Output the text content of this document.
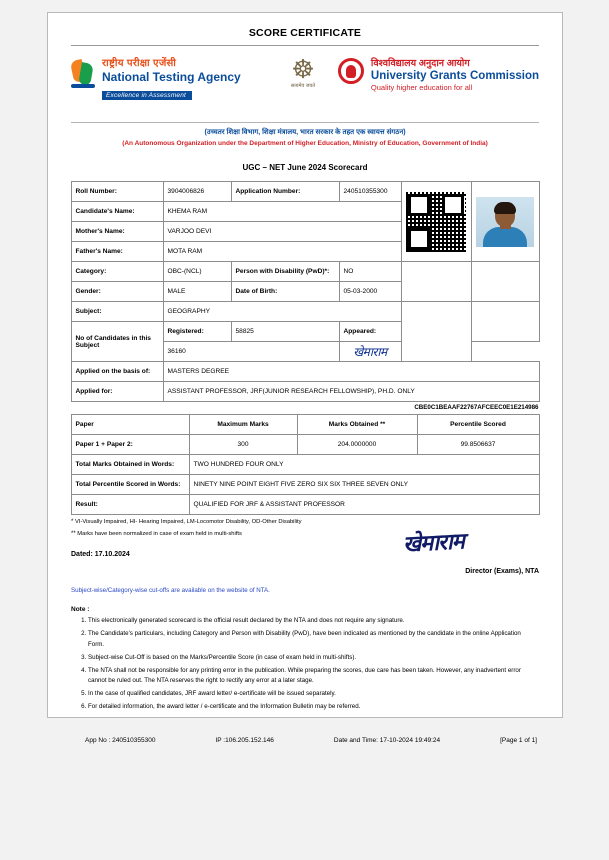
SCORE CERTIFICATE
राष्ट्रीय परीक्षा एजेंसी
National Testing Agency
Excellence in Assessment
☸
सत्यमेव जयते
विश्वविद्यालय अनुदान आयोग
University Grants Commission
Quality higher education for all
(उच्चतर शिक्षा विभाग, शिक्षा मंत्रालय, भारत सरकार के तहत एक स्वायत्त संगठन)
(An Autonomous Organization under the Department of Higher Education, Ministry of Education, Government of India)
UGC – NET June 2024 Scorecard
Roll Number:	3904006826	Application Number:	240510355300	

Candidate's Name:	KHEMA RAM				
Mother's Name:	VARJOO DEVI				
Father's Name:	MOTA RAM				
Category:	OBC-(NCL)	Person with Disability (PwD)*:	NO		
Gender:	MALE	Date of Birth:	05-03-2000		
Subject:	GEOGRAPHY				
No of Candidates in this Subject	Registered:	58825	Appeared:		
	36160		खेमाराम		
Applied on the basis of:	MASTERS DEGREE				
Applied for:	ASSISTANT PROFESSOR, JRF(JUNIOR RESEARCH FELLOWSHIP), PH.D. ONLY				
CBE0C1BEAAF22767AFCEEC0E1E214986
Paper	Maximum Marks	Marks Obtained **	Percentile Scored
Paper 1 + Paper 2:	300	204.0000000	99.8506637
Total Marks Obtained in Words:	TWO HUNDRED FOUR ONLY		
Total Percentile Scored in Words:	NINETY NINE POINT EIGHT FIVE ZERO SIX SIX THREE SEVEN ONLY		
Result:	QUALIFIED FOR JRF & ASSISTANT PROFESSOR		
* VI-Visually Impaired, HI- Hearing Impaired, LM-Locomotor Disability, OD-Other Disability
** Marks have been normalized in case of exam held in multi-shifts
Dated: 17.10.2024
Director (Exams), NTA
Subject-wise/Category-wise cut-offs are available on the website of NTA.
Note :
1. This electronically generated scorecard is the official result declared by the NTA and does not require any signature.
2. The Candidate's particulars, including Category and Person with Disability (PwD), have been indicated as mentioned by the candidate in the online Application Form.
3. Subject-wise Cut-Off is based on the Marks/Percentile Score (in case of exam held in multi-shifts).
4. The NTA shall not be responsible for any printing error in the publication. While preparing the scores, due care has been taken. However, any inadvertent error cannot be ruled out. The NTA reserves the right to rectify any error at a later stage.
5. In the case of qualified candidates, JRF award letter/ e-certificate will be issued separately.
6. For detailed information, the award letter / e-certificate and the Information Bulletin may be referred.
खेमाराम
App No : 240510355300	IP :106.205.152.146	Date and Time: 17-10-2024 19:49:24	[Page 1 of 1]
